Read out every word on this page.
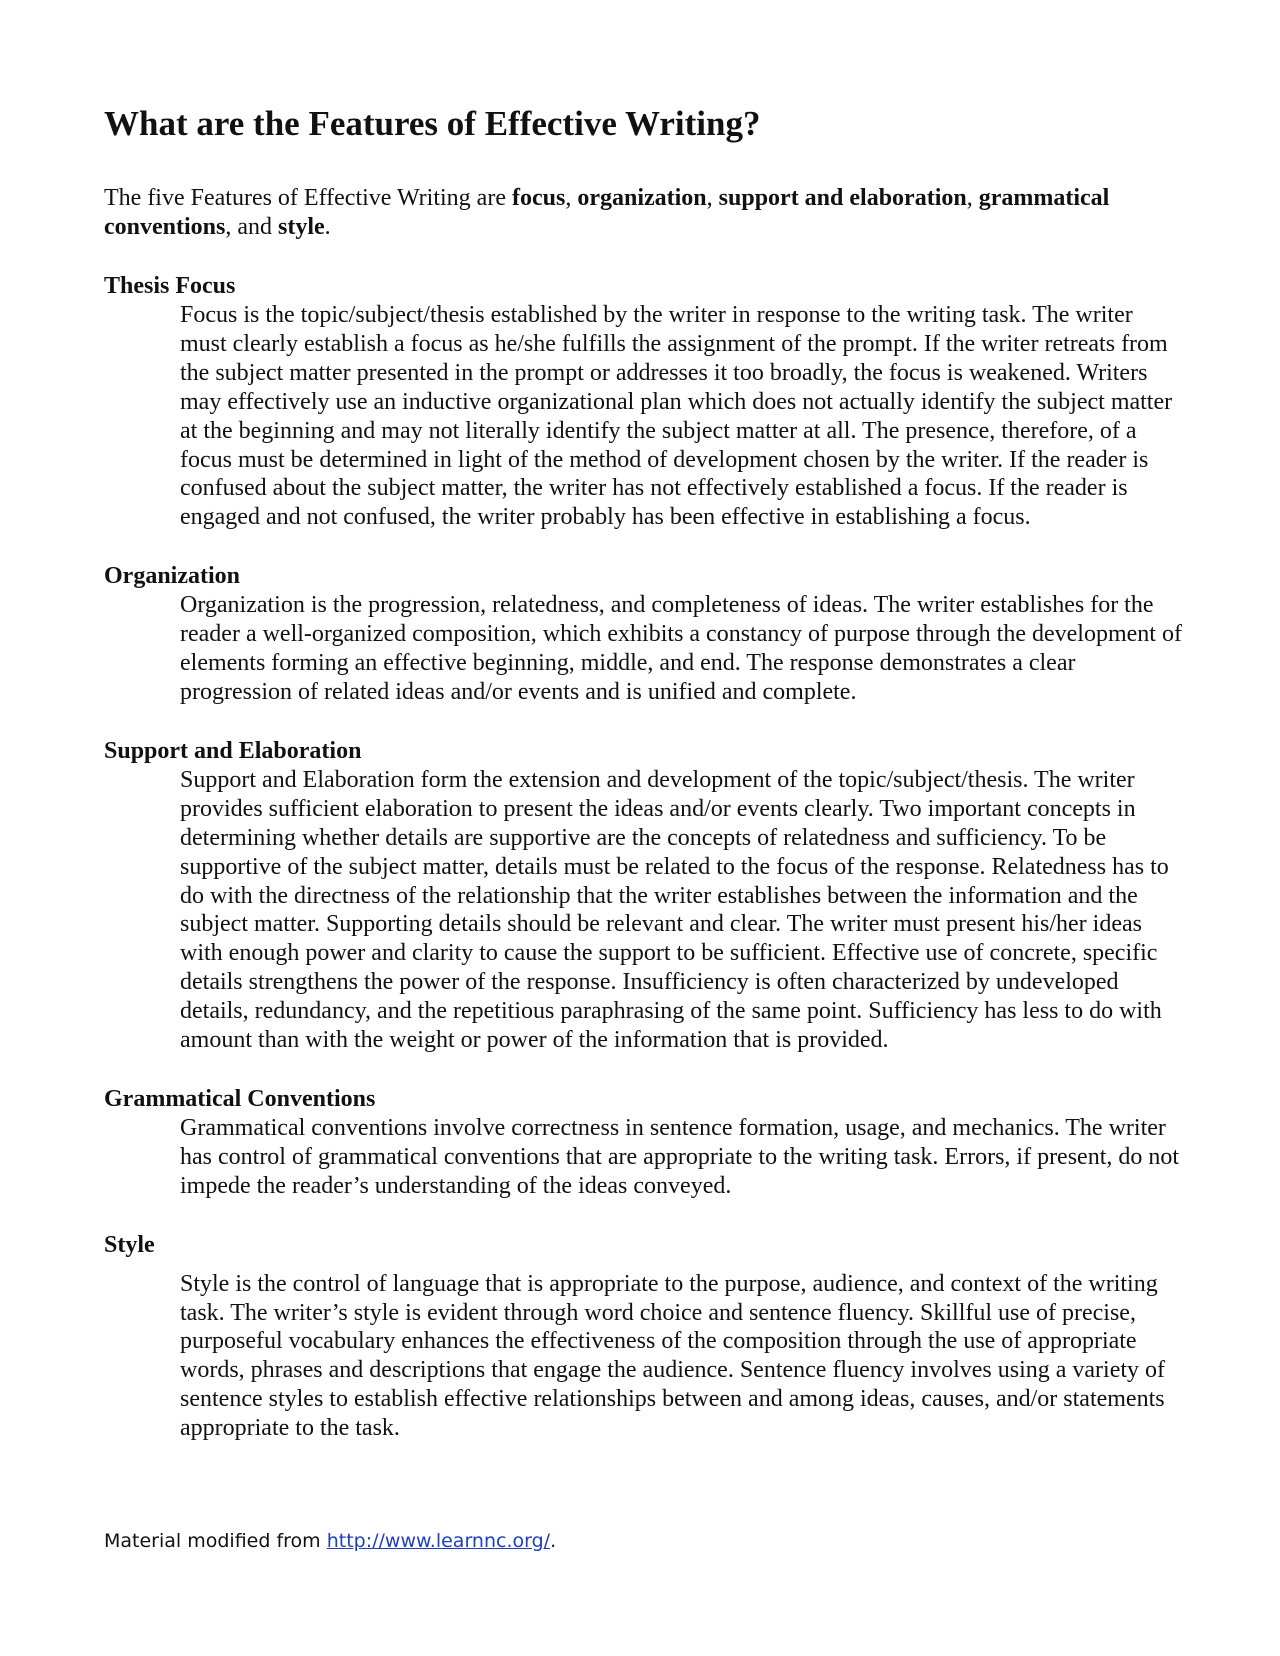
What are the Features of Effective Writing?

The five Features of Effective Writing are focus, organization, support and elaboration, grammatical conventions, and style.

Thesis Focus

Focus is the topic/subject/thesis established by the writer in response to the writing task. The writer must clearly establish a focus as he/she fulfills the assignment of the prompt. If the writer retreats from the subject matter presented in the prompt or addresses it too broadly, the focus is weakened. Writers may effectively use an inductive organizational plan which does not actually identify the subject matter at the beginning and may not literally identify the subject matter at all. The presence, therefore, of a focus must be determined in light of the method of development chosen by the writer. If the reader is confused about the subject matter, the writer has not effectively established a focus. If the reader is engaged and not confused, the writer probably has been effective in establishing a focus.

Organization

Organization is the progression, relatedness, and completeness of ideas. The writer establishes for the reader a well-organized composition, which exhibits a constancy of purpose through the development of elements forming an effective beginning, middle, and end. The response demonstrates a clear progression of related ideas and/or events and is unified and complete.

Support and Elaboration

Support and Elaboration form the extension and development of the topic/subject/thesis. The writer provides sufficient elaboration to present the ideas and/or events clearly. Two important concepts in determining whether details are supportive are the concepts of relatedness and sufficiency. To be supportive of the subject matter, details must be related to the focus of the response. Relatedness has to do with the directness of the relationship that the writer establishes between the information and the subject matter. Supporting details should be relevant and clear. The writer must present his/her ideas with enough power and clarity to cause the support to be sufficient. Effective use of concrete, specific details strengthens the power of the response. Insufficiency is often characterized by undeveloped details, redundancy, and the repetitious paraphrasing of the same point. Sufficiency has less to do with amount than with the weight or power of the information that is provided.

Grammatical Conventions

Grammatical conventions involve correctness in sentence formation, usage, and mechanics. The writer has control of grammatical conventions that are appropriate to the writing task. Errors, if present, do not impede the reader’s understanding of the ideas conveyed.

Style

Style is the control of language that is appropriate to the purpose, audience, and context of the writing task. The writer’s style is evident through word choice and sentence fluency. Skillful use of precise, purposeful vocabulary enhances the effectiveness of the composition through the use of appropriate words, phrases and descriptions that engage the audience. Sentence fluency involves using a variety of sentence styles to establish effective relationships between and among ideas, causes, and/or statements appropriate to the task.

Material modified from http://www.learnnc.org/.
